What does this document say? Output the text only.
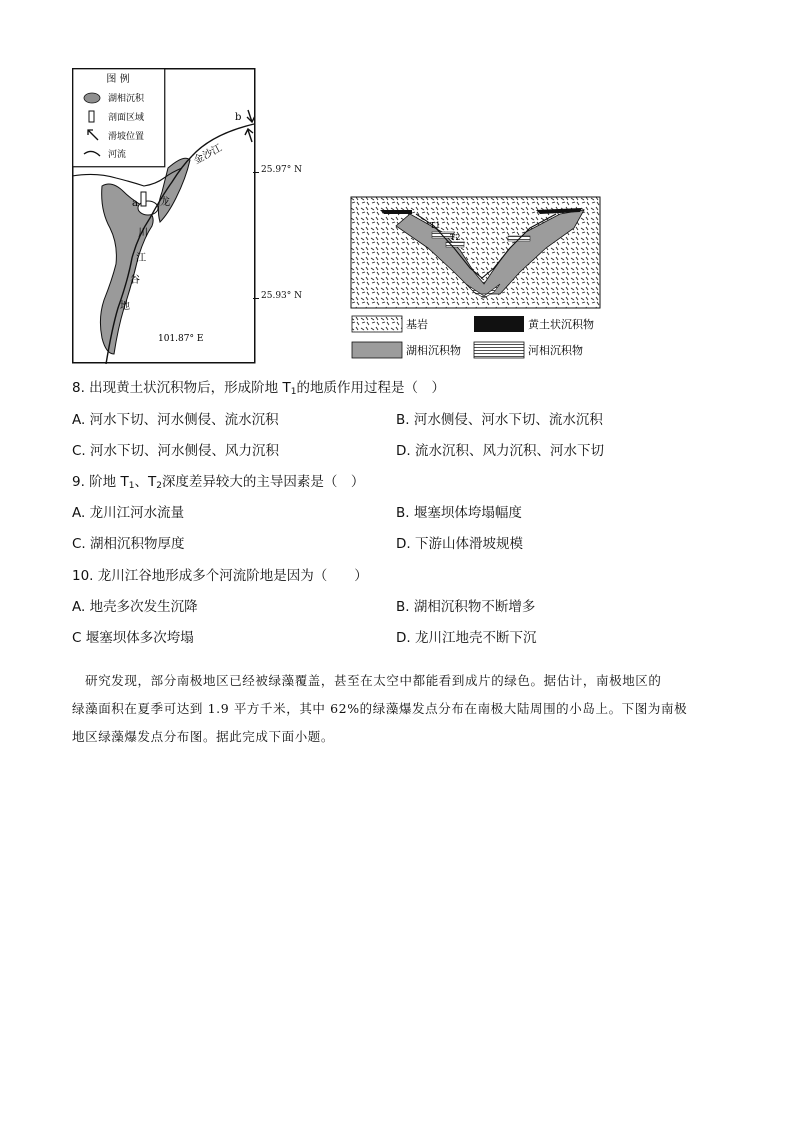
图 例
湖相沉积
剖面区域
滑坡位置
河流
b
a
金沙江
龙
川
江
谷
地
101.87° E
25.97° N
25.93° N
T1
T2
基岩	黄土状沉积物
湖相沉积物	河相沉积物
8. 出现黄土状沉积物后，形成阶地 $T_1$的地质作用过程是（　）
A. 河水下切、河水侧侵、流水沉积	B. 河水侧侵、河水下切、流水沉积
C. 河水下切、河水侧侵、风力沉积	D. 流水沉积、风力沉积、河水下切
9. 阶地 $T_1$、$T_2$深度差异较大的主导因素是（　）
A. 龙川江河水流量	B. 堰塞坝体垮塌幅度
C. 湖相沉积物厚度	D. 下游山体滑坡规模
10. 龙川江谷地形成多个河流阶地是因为（　　）
A. 地壳多次发生沉降	B. 湖相沉积物不断增多
C 堰塞坝体多次垮塌	D. 龙川江地壳不断下沉
　研究发现，部分南极地区已经被绿藻覆盖，甚至在太空中都能看到成片的绿色。据估计，南极地区的
绿藻面积在夏季可达到 1.9 平方千米，其中 62%的绿藻爆发点分布在南极大陆周围的小岛上。下图为南极
地区绿藻爆发点分布图。据此完成下面小题。
